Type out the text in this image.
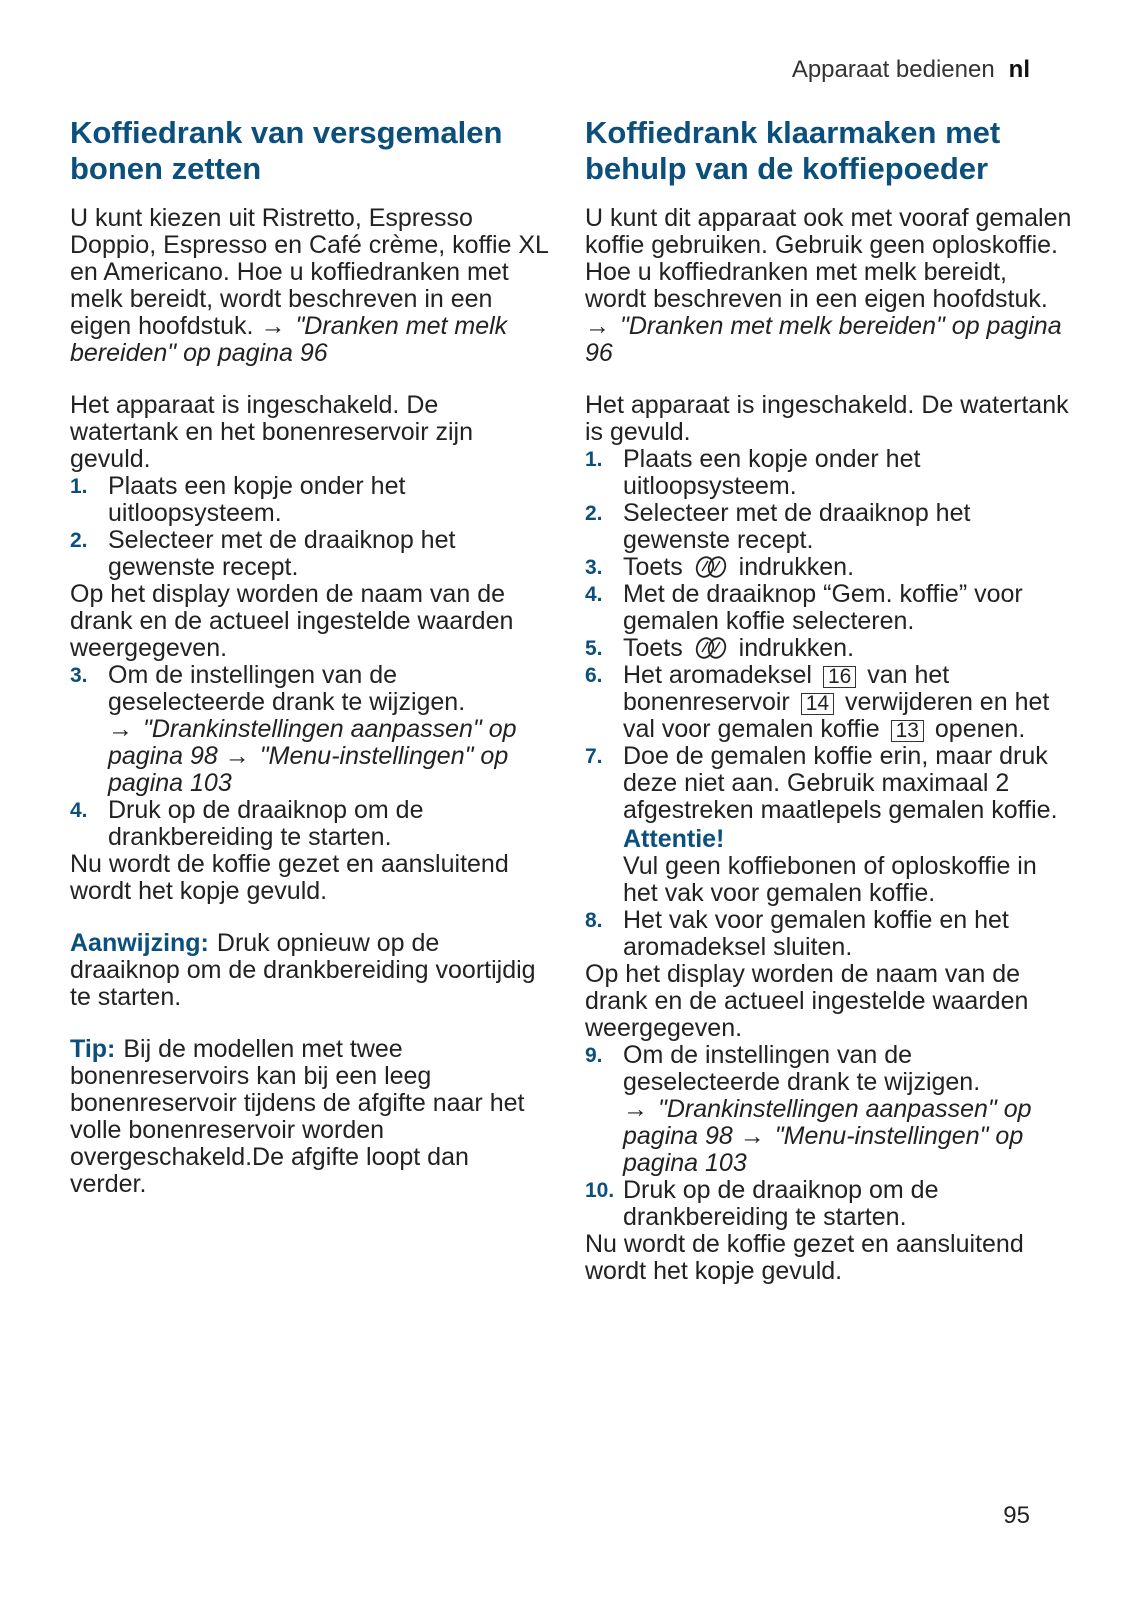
Apparaat bedienen nl
Koffiedrank van versgemalen bonen zetten

U kunt kiezen uit Ristretto, Espresso Doppio, Espresso en Café crème, koffie XL en Americano. Hoe u koffiedranken met melk bereidt, wordt beschreven in een eigen hoofdstuk. → "Dranken met melk bereiden" op pagina 96

Het apparaat is ingeschakeld. De watertank en het bonenreservoir zijn gevuld.

1. Plaats een kopje onder het uitloopsysteem.
2. Selecteer met de draaiknop het gewenste recept.

Op het display worden de naam van de drank en de actueel ingestelde waarden weergegeven.

3. Om de instellingen van de geselecteerde drank te wijzigen.
→ "Drankinstellingen aanpassen" op pagina 98 → "Menu-instellingen" op pagina 103
4. Druk op de draaiknop om de drankbereiding te starten.

Nu wordt de koffie gezet en aansluitend wordt het kopje gevuld.

Aanwijzing: Druk opnieuw op de draaiknop om de drankbereiding voortijdig te starten.

Tip: Bij de modellen met twee bonenreservoirs kan bij een leeg bonenreservoir tijdens de afgifte naar het volle bonenreservoir worden overgeschakeld.De afgifte loopt dan verder.

Koffiedrank klaarmaken met behulp van de koffiepoeder

U kunt dit apparaat ook met vooraf gemalen koffie gebruiken. Gebruik geen oploskoffie. Hoe u koffiedranken met melk bereidt, wordt beschreven in een eigen hoofdstuk. → "Dranken met melk bereiden" op pagina 96

Het apparaat is ingeschakeld. De watertank is gevuld.

1. Plaats een kopje onder het uitloopsysteem.
2. Selecteer met de draaiknop het gewenste recept.
3. Toets indrukken.
4. Met de draaiknop “Gem. koffie” voor gemalen koffie selecteren.
5. Toets indrukken.
6. Het aromadeksel 16 van het bonenreservoir 14 verwijderen en het val voor gemalen koffie 13 openen.
7. Doe de gemalen koffie erin, maar druk deze niet aan. Gebruik maximaal 2 afgestreken maatlepels gemalen koffie.
Attentie!
Vul geen koffiebonen of oploskoffie in het vak voor gemalen koffie.
8. Het vak voor gemalen koffie en het aromadeksel sluiten.

Op het display worden de naam van de drank en de actueel ingestelde waarden weergegeven.

9. Om de instellingen van de geselecteerde drank te wijzigen.
→ "Drankinstellingen aanpassen" op pagina 98 → "Menu-instellingen" op pagina 103
10. Druk op de draaiknop om de drankbereiding te starten.

Nu wordt de koffie gezet en aansluitend wordt het kopje gevuld.

95
